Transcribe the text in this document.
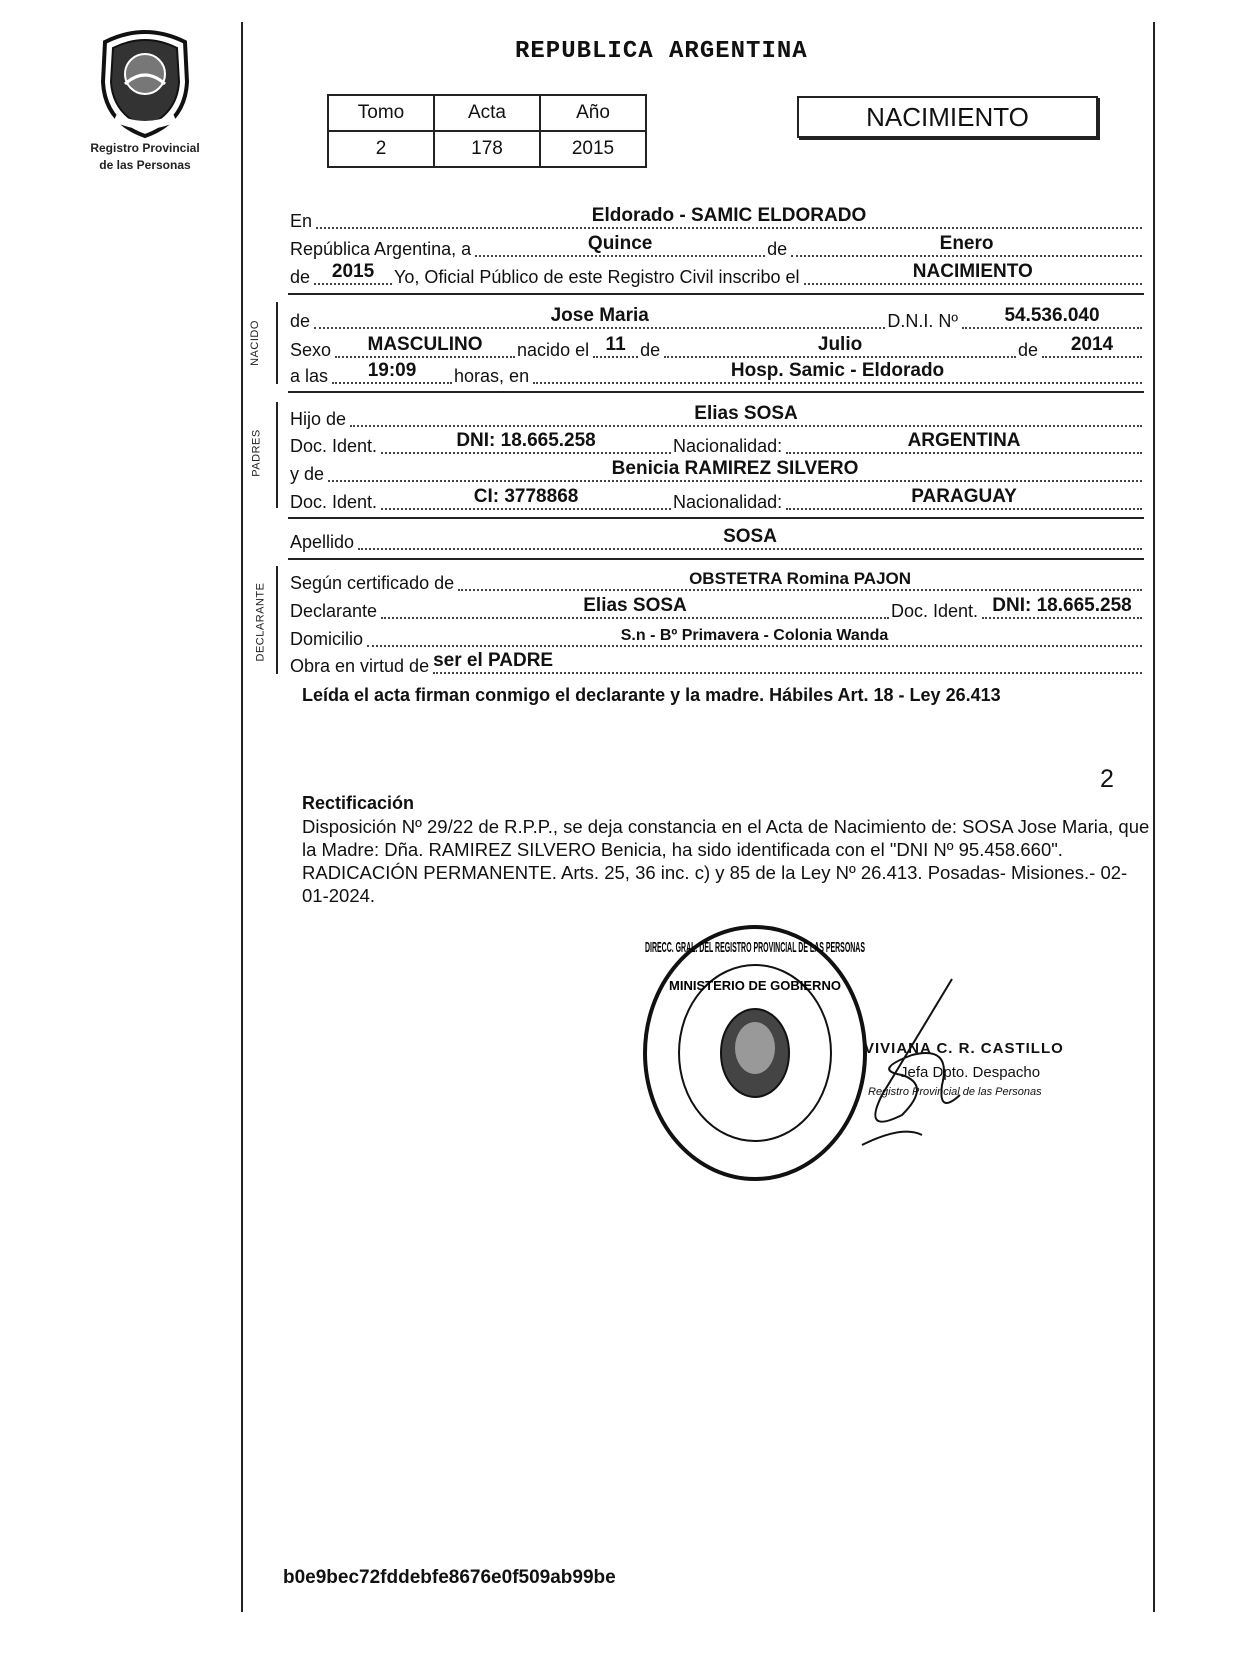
Registro Provincial
de las Personas
REPUBLICA ARGENTINA
Tomo	Acta	Año
2	178	2015
NACIMIENTO
En	Eldorado - SAMIC ELDORADO
República Argentina, a	Quince	de	Enero
de	2015	Yo, Oficial Público de este Registro Civil inscribo el	NACIMIENTO
NACIDO de	Jose Maria	D.N.I. Nº	54.536.040
Sexo	MASCULINO	nacido el 11 de	Julio	de	2014
a las	19:09	horas, en	Hosp. Samic - Eldorado
PADRES
Hijo de	Elias SOSA
Doc. Ident.	DNI: 18.665.258	Nacionalidad:	ARGENTINA
y de	Benicia RAMIREZ SILVERO
Doc. Ident.	CI: 3778868	Nacionalidad:	PARAGUAY
Apellido	SOSA
DECLARANTE Según certificado de	OBSTETRA Romina PAJON
Declarante	Elias SOSA	Doc. Ident. DNI: 18.665.258
Domicilio	S.n - Bº Primavera - Colonia Wanda
Obra en virtud de ser el PADRE
Leída el acta firman conmigo el declarante y la madre. Hábiles Art. 18 - Ley 26.413
2
Rectificación
Disposición Nº 29/22 de R.P.P., se deja constancia en el Acta de Nacimiento de: SOSA Jose Maria, que la Madre: Dña. RAMIREZ SILVERO Benicia, ha sido identificada con el "DNI Nº 95.458.660". RADICACIÓN PERMANENTE. Arts. 25, 36 inc. c) y 85 de la Ley Nº 26.413. Posadas- Misiones.- 02-01-2024.
DIRECC. GRAL. DEL REGISTRO PROVINCIAL DE LAS PERSONAS
MINISTERIO DE GOBIERNO
VIVIANA C. R. CASTILLO
Jefa Dpto. Despacho
Registro Provincial de las Personas
b0e9bec72fddebfe8676e0f509ab99be
